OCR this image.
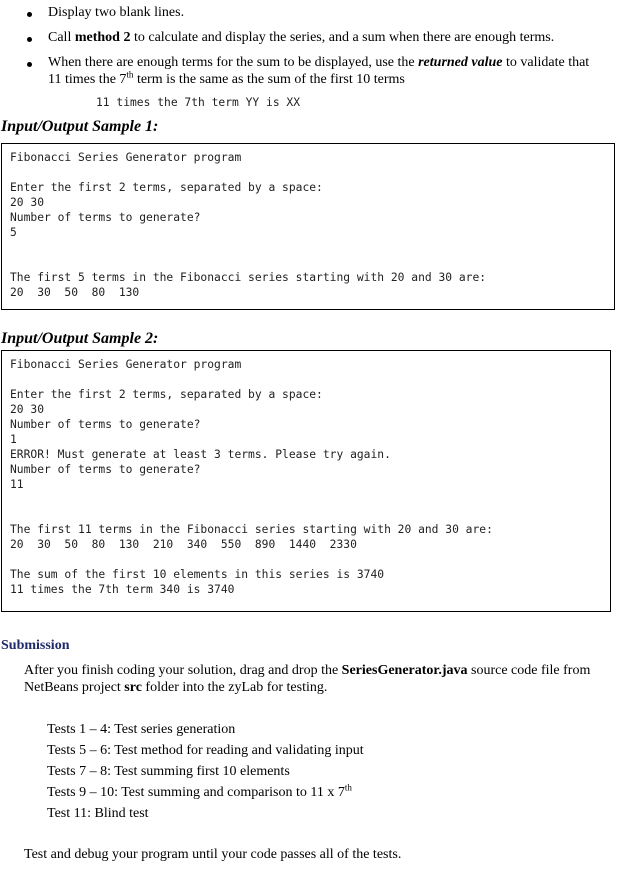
Display two blank lines.
Call method 2 to calculate and display the series, and a sum when there are enough terms.
When there are enough terms for the sum to be displayed, use the returned value to validate that
11 times the 7th term is the same as the sum of the first 10 terms
11 times the 7th term YY is XX
Input/Output Sample 1:
Fibonacci Series Generator program

Enter the first 2 terms, separated by a space:
20 30
Number of terms to generate?
5

The first 5 terms in the Fibonacci series starting with 20 and 30 are:
20  30  50  80  130
Input/Output Sample 2:
Fibonacci Series Generator program

Enter the first 2 terms, separated by a space:
20 30
Number of terms to generate?
1
ERROR! Must generate at least 3 terms. Please try again.
Number of terms to generate?
11

The first 11 terms in the Fibonacci series starting with 20 and 30 are:
20  30  50  80  130  210  340  550  890  1440  2330

The sum of the first 10 elements in this series is 3740
11 times the 7th term 340 is 3740
Submission
After you finish coding your solution, drag and drop the SeriesGenerator.java source code file from
NetBeans project src folder into the zyLab for testing.
Tests 1 – 4: Test series generation
Tests 5 – 6: Test method for reading and validating input
Tests 7 – 8: Test summing first 10 elements
Tests 9 – 10: Test summing and comparison to 11 x 7th
Test 11: Blind test
Test and debug your program until your code passes all of the tests.
